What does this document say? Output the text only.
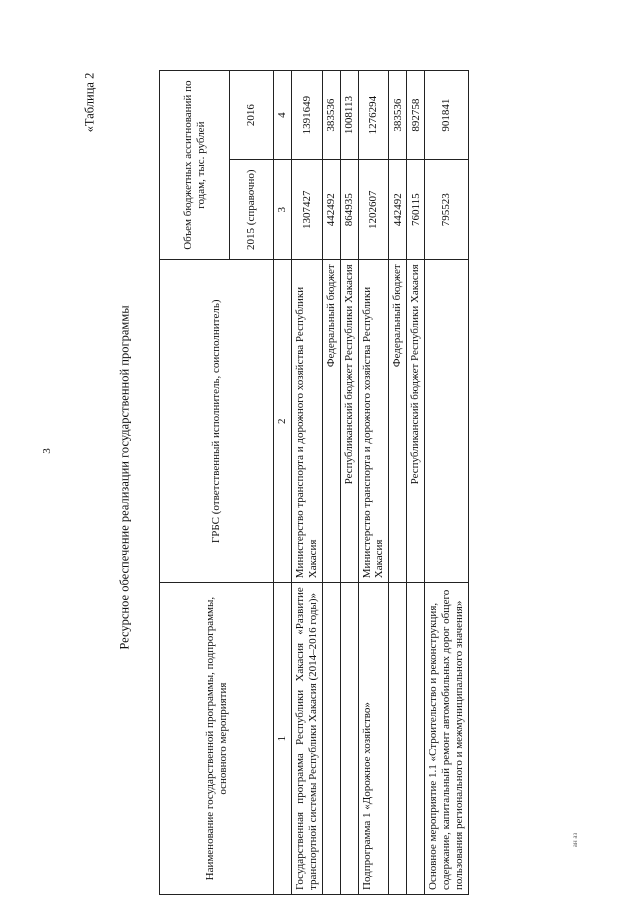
3
«Таблица 2
Ресурсное обеспечение реализации государственной программы
Наименование государственной программы, подпрограммы, основного мероприятия	ГРБС (ответственный исполнитель, соисполнитель)	Объем бюджетных ассигнований по годам, тыс. рублей	
		2015 (справочно)	2016
1	2	3	4
Государственная программа Республики Хакасия «Развитие транспортной системы Республики Хакасия (2014–2016 годы)»	Министерство транспорта и дорожного хозяйства Республики Хакасия	1307427	1391649
	Федеральный бюджет	442492	383536
	Республиканский бюджет Республики Хакасия	864935	1008113
Подпрограмма 1 «Дорожное хозяйство»	Министерство транспорта и дорожного хозяйства Республики Хакасия	1202607	1276294
	Федеральный бюджет	442492	383536
	Республиканский бюджет Республики Хакасия	760115	892758
Основное мероприятие 1.1 «Строительство и реконструкция, содержание, капитальный ремонт автомобильных дорог общего пользования регионального и межмуниципального значения»		795523	901841
ан аз
